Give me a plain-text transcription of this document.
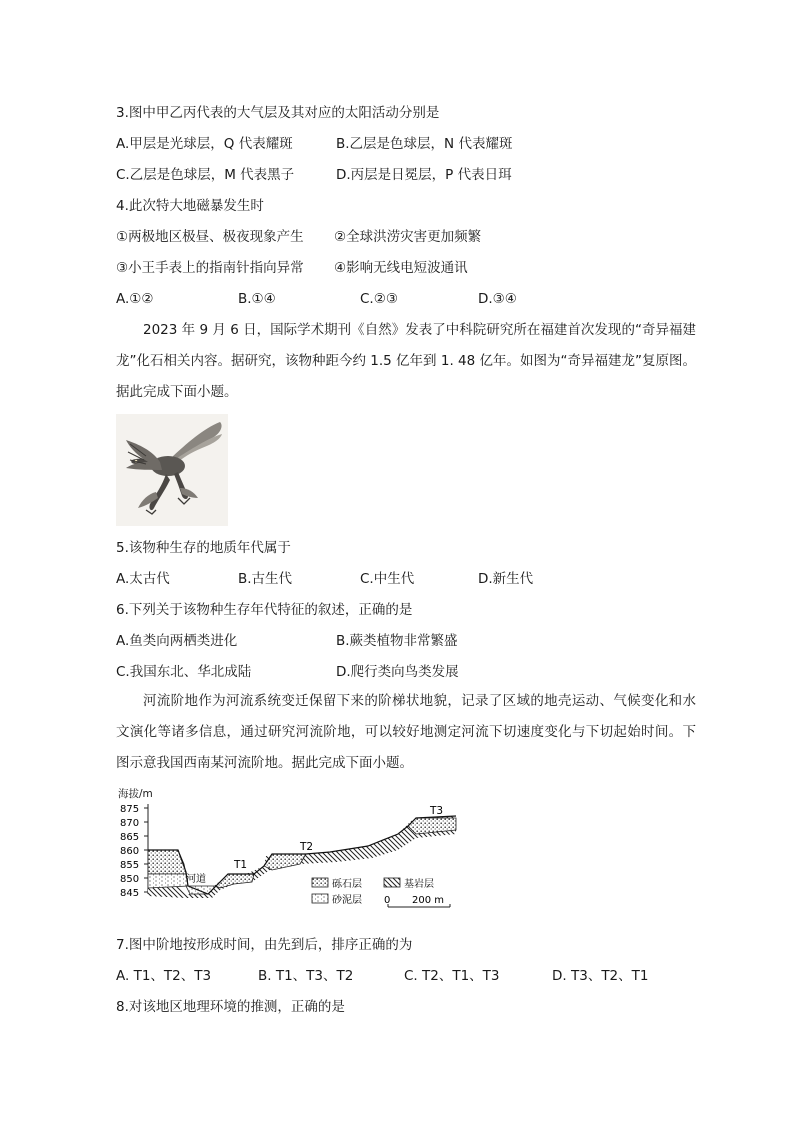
3.图中甲乙丙代表的大气层及其对应的太阳活动分别是
A.甲层是光球层，Q 代表耀斑	B.乙层是色球层，N 代表耀斑
C.乙层是色球层，M 代表黑子	D.丙层是日冕层，P 代表日珥
4.此次特大地磁暴发生时
①两极地区极昼、极夜现象产生 ②全球洪涝灾害更加频繁
③小王手表上的指南针指向异常 ④影响无线电短波通讯
A.①②	B.①④	C.②③	D.③④
2023 年 9 月 6 日，国际学术期刊《自然》发表了中科院研究所在福建首次发现的“奇异福建龙”化石相关内容。据研究，该物种距今约 1.5 亿年到 1. 48 亿年。如图为“奇异福建龙”复原图。据此完成下面小题。
5.该物种生存的地质年代属于
A.太古代	B.古生代	C.中生代	D.新生代
6.下列关于该物种生存年代特征的叙述，正确的是
A.鱼类向两栖类进化	B.蕨类植物非常繁盛
C.我国东北、华北成陆	D.爬行类向鸟类发展
河流阶地作为河流系统变迁保留下来的阶梯状地貌，记录了区域的地壳运动、气候变化和水文演化等诸多信息，通过研究河流阶地，可以较好地测定河流下切速度变化与下切起始时间。下图示意我国西南某河流阶地。据此完成下面小题。
海拔/m
875
870
865
860
855
850
845
河道
T1
T2
T3
砾石层	基岩层
砂泥层 0 200 m
7.图中阶地按形成时间，由先到后，排序正确的为
A. T1、T2、T3	B. T1、T3、T2	C. T2、T1、T3	D. T3、T2、T1
8.对该地区地理环境的推测，正确的是
